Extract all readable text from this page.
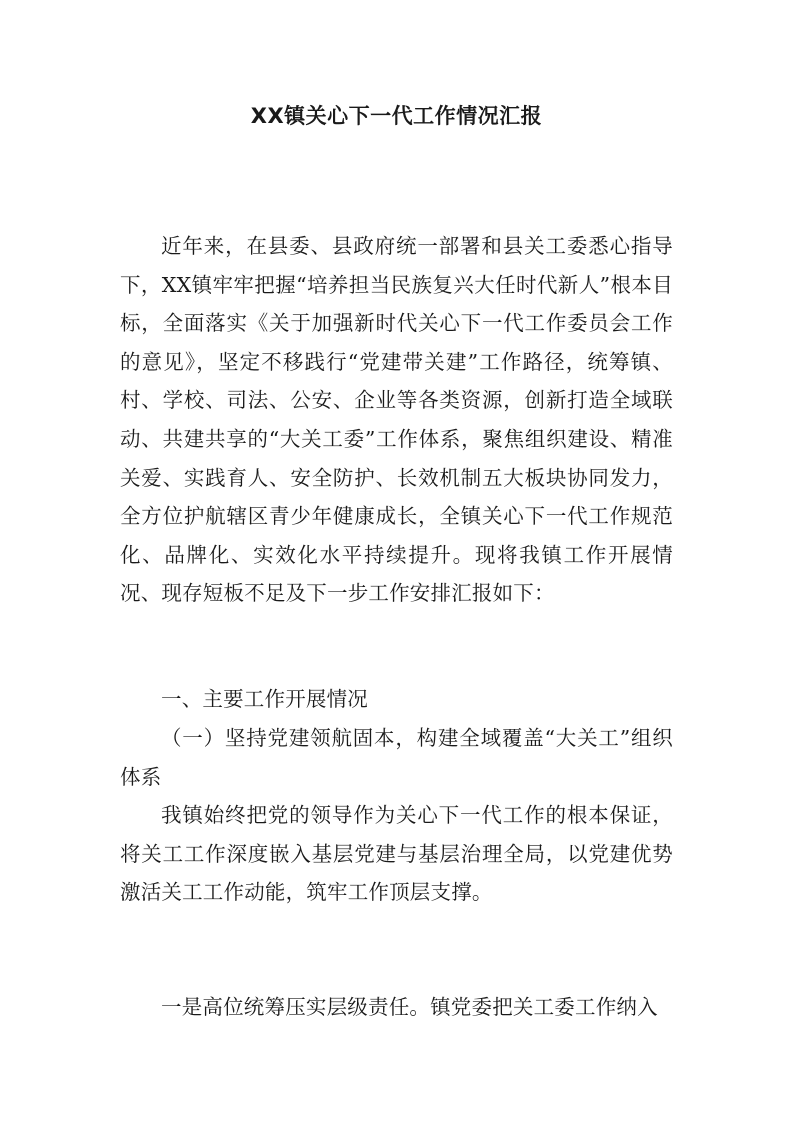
XX镇关心下一代工作情况汇报

近年来，在县委、县政府统一部署和县关工委悉心指导下，XX镇牢牢把握“培养担当民族复兴大任时代新人”根本目标，全面落实《关于加强新时代关心下一代工作委员会工作的意见》，坚定不移践行“党建带关建”工作路径，统筹镇、村、学校、司法、公安、企业等各类资源，创新打造全域联动、共建共享的“大关工委”工作体系，聚焦组织建设、精准关爱、实践育人、安全防护、长效机制五大板块协同发力，全方位护航辖区青少年健康成长，全镇关心下一代工作规范化、品牌化、实效化水平持续提升。现将我镇工作开展情况、现存短板不足及下一步工作安排汇报如下：

一、主要工作开展情况

（一）坚持党建领航固本，构建全域覆盖“大关工”组织体系

我镇始终把党的领导作为关心下一代工作的根本保证，将关工工作深度嵌入基层党建与基层治理全局，以党建优势激活关工工作动能，筑牢工作顶层支撑。

一是高位统筹压实层级责任。镇党委把关工委工作纳入
